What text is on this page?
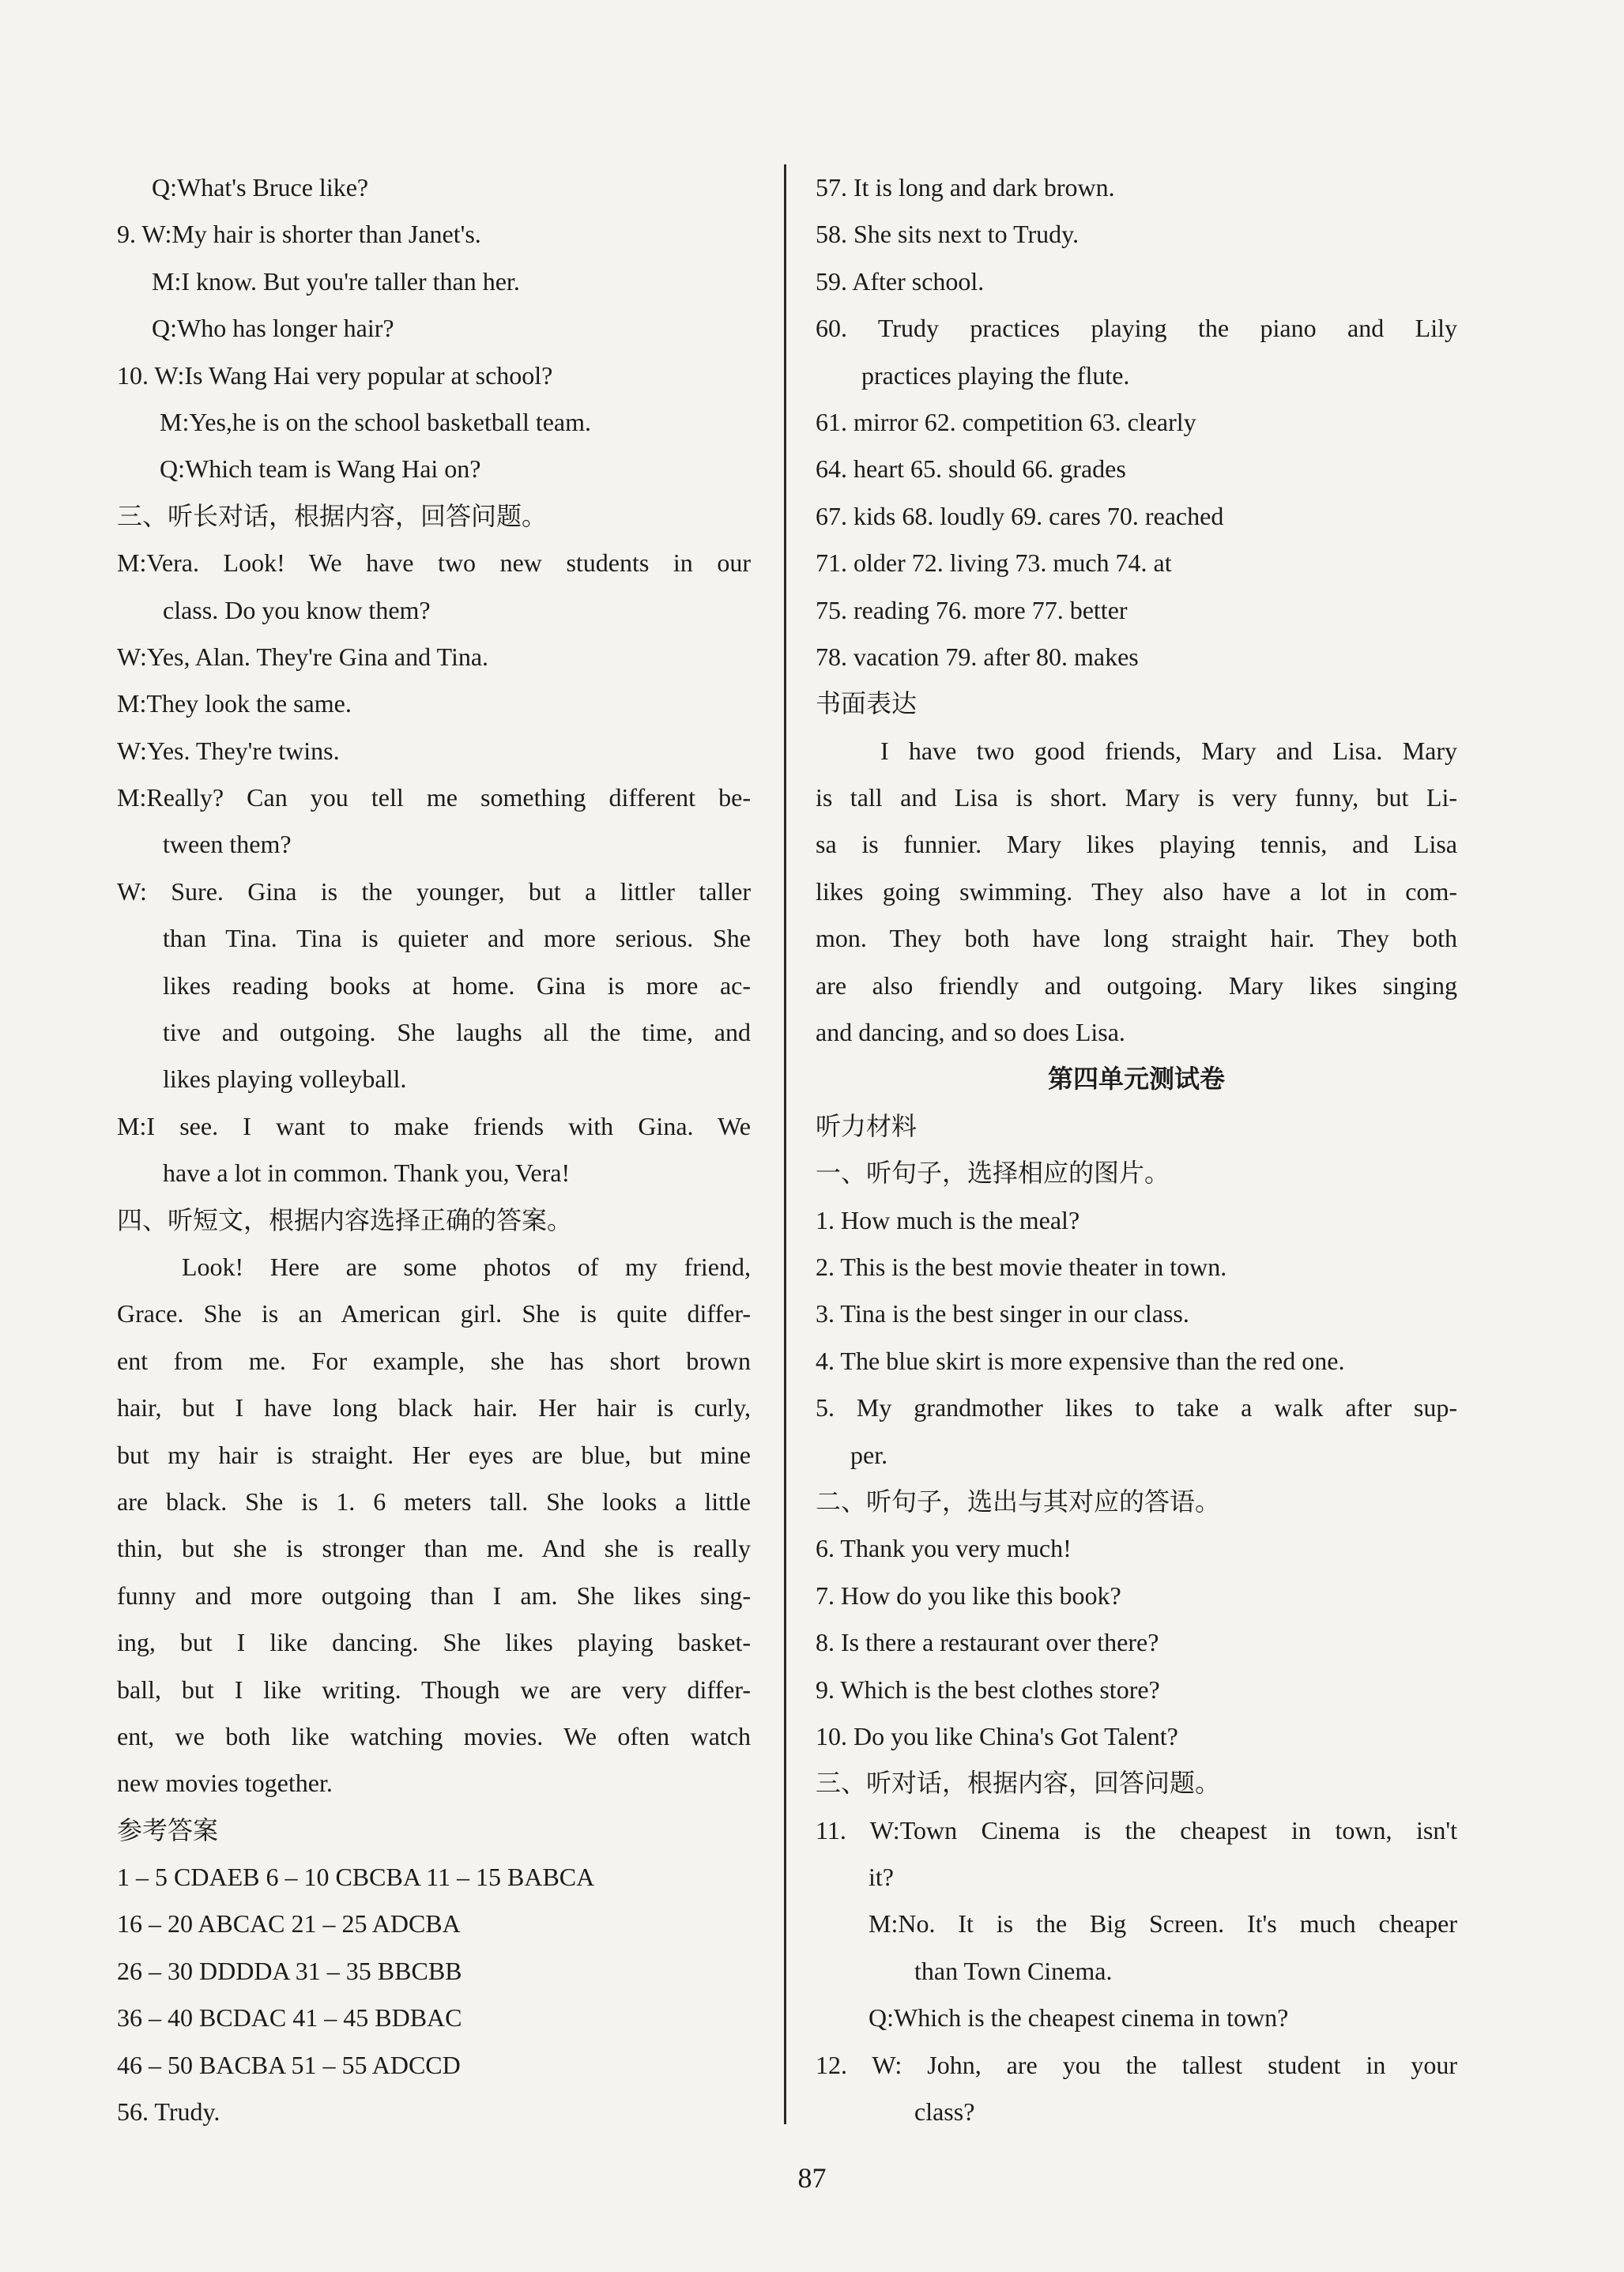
Q:What's Bruce like?
9. W:My hair is shorter than Janet's.
M:I know. But you're taller than her.
Q:Who has longer hair?
10. W:Is Wang Hai very popular at school?
M:Yes,he is on the school basketball team.
Q:Which team is Wang Hai on?
三、听长对话，根据内容，回答问题。
M:Vera. Look! We have two new students in our
class. Do you know them?
W:Yes, Alan. They're Gina and Tina.
M:They look the same.
W:Yes. They're twins.
M:Really? Can you tell me something different be-
tween them?
W: Sure. Gina is the younger, but a littler taller
than Tina. Tina is quieter and more serious. She
likes reading books at home. Gina is more ac-
tive and outgoing. She laughs all the time, and
likes playing volleyball.
M:I see. I want to make friends with Gina. We
have a lot in common. Thank you, Vera!
四、听短文，根据内容选择正确的答案。
Look! Here are some photos of my friend,
Grace. She is an American girl. She is quite differ-
ent from me. For example, she has short brown
hair, but I have long black hair. Her hair is curly,
but my hair is straight. Her eyes are blue, but mine
are black. She is 1. 6 meters tall. She looks a little
thin, but she is stronger than me. And she is really
funny and more outgoing than I am. She likes sing-
ing, but I like dancing. She likes playing basket-
ball, but I like writing. Though we are very differ-
ent, we both like watching movies. We often watch
new movies together.
参考答案
1 – 5 CDAEB 6 – 10 CBCBA 11 – 15 BABCA
16 – 20 ABCAC 21 – 25 ADCBA
26 – 30 DDDDA 31 – 35 BBCBB
36 – 40 BCDAC 41 – 45 BDBAC
46 – 50 BACBA 51 – 55 ADCCD
56. Trudy.
57. It is long and dark brown.
58. She sits next to Trudy.
59. After school.
60. Trudy practices playing the piano and Lily
practices playing the flute.
61. mirror 62. competition 63. clearly
64. heart 65. should 66. grades
67. kids 68. loudly 69. cares 70. reached
71. older 72. living 73. much 74. at
75. reading 76. more 77. better
78. vacation 79. after 80. makes
书面表达
I have two good friends, Mary and Lisa. Mary
is tall and Lisa is short. Mary is very funny, but Li-
sa is funnier. Mary likes playing tennis, and Lisa
likes going swimming. They also have a lot in com-
mon. They both have long straight hair. They both
are also friendly and outgoing. Mary likes singing
and dancing, and so does Lisa.
第四单元测试卷
听力材料
一、听句子，选择相应的图片。
1. How much is the meal?
2. This is the best movie theater in town.
3. Tina is the best singer in our class.
4. The blue skirt is more expensive than the red one.
5. My grandmother likes to take a walk after sup-
per.
二、听句子，选出与其对应的答语。
6. Thank you very much!
7. How do you like this book?
8. Is there a restaurant over there?
9. Which is the best clothes store?
10. Do you like China's Got Talent?
三、听对话，根据内容，回答问题。
11. W:Town Cinema is the cheapest in town, isn't
it?
M:No. It is the Big Screen. It's much cheaper
than Town Cinema.
Q:Which is the cheapest cinema in town?
12. W: John, are you the tallest student in your
class?
87
